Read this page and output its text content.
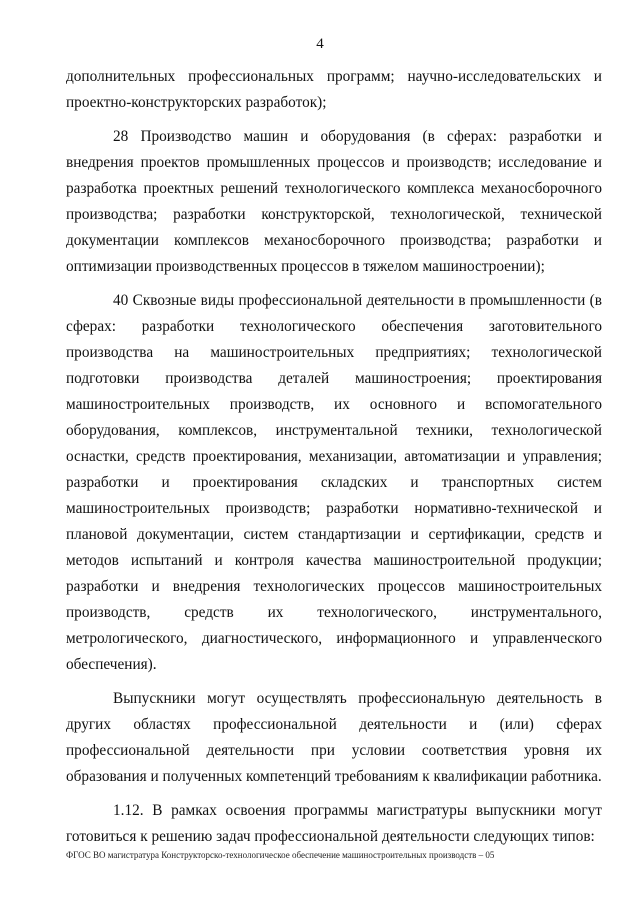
4

дополнительных профессиональных программ; научно-исследовательских и проектно-конструкторских разработок);

28 Производство машин и оборудования (в сферах: разработки и внедрения проектов промышленных процессов и производств; исследование и разработка проектных решений технологического комплекса механосборочного производства; разработки конструкторской, технологической, технической документации комплексов механосборочного производства; разработки и оптимизации производственных процессов в тяжелом машиностроении);

40 Сквозные виды профессиональной деятельности в промышленности (в сферах: разработки технологического обеспечения заготовительного производства на машиностроительных предприятиях; технологической подготовки производства деталей машиностроения; проектирования машиностроительных производств, их основного и вспомогательного оборудования, комплексов, инструментальной техники, технологической оснастки, средств проектирования, механизации, автоматизации и управления; разработки и проектирования складских и транспортных систем машиностроительных производств; разработки нормативно-технической и плановой документации, систем стандартизации и сертификации, средств и методов испытаний и контроля качества машиностроительной продукции; разработки и внедрения технологических процессов машиностроительных производств, средств их технологического, инструментального, метрологического, диагностического, информационного и управленческого обеспечения).

Выпускники могут осуществлять профессиональную деятельность в других областях профессиональной деятельности и (или) сферах профессиональной деятельности при условии соответствия уровня их образования и полученных компетенций требованиям к квалификации работника.

1.12. В рамках освоения программы магистратуры выпускники могут готовиться к решению задач профессиональной деятельности следующих типов:

ФГОС ВО магистратура Конструкторско-технологическое обеспечение машиностроительных производств – 05
